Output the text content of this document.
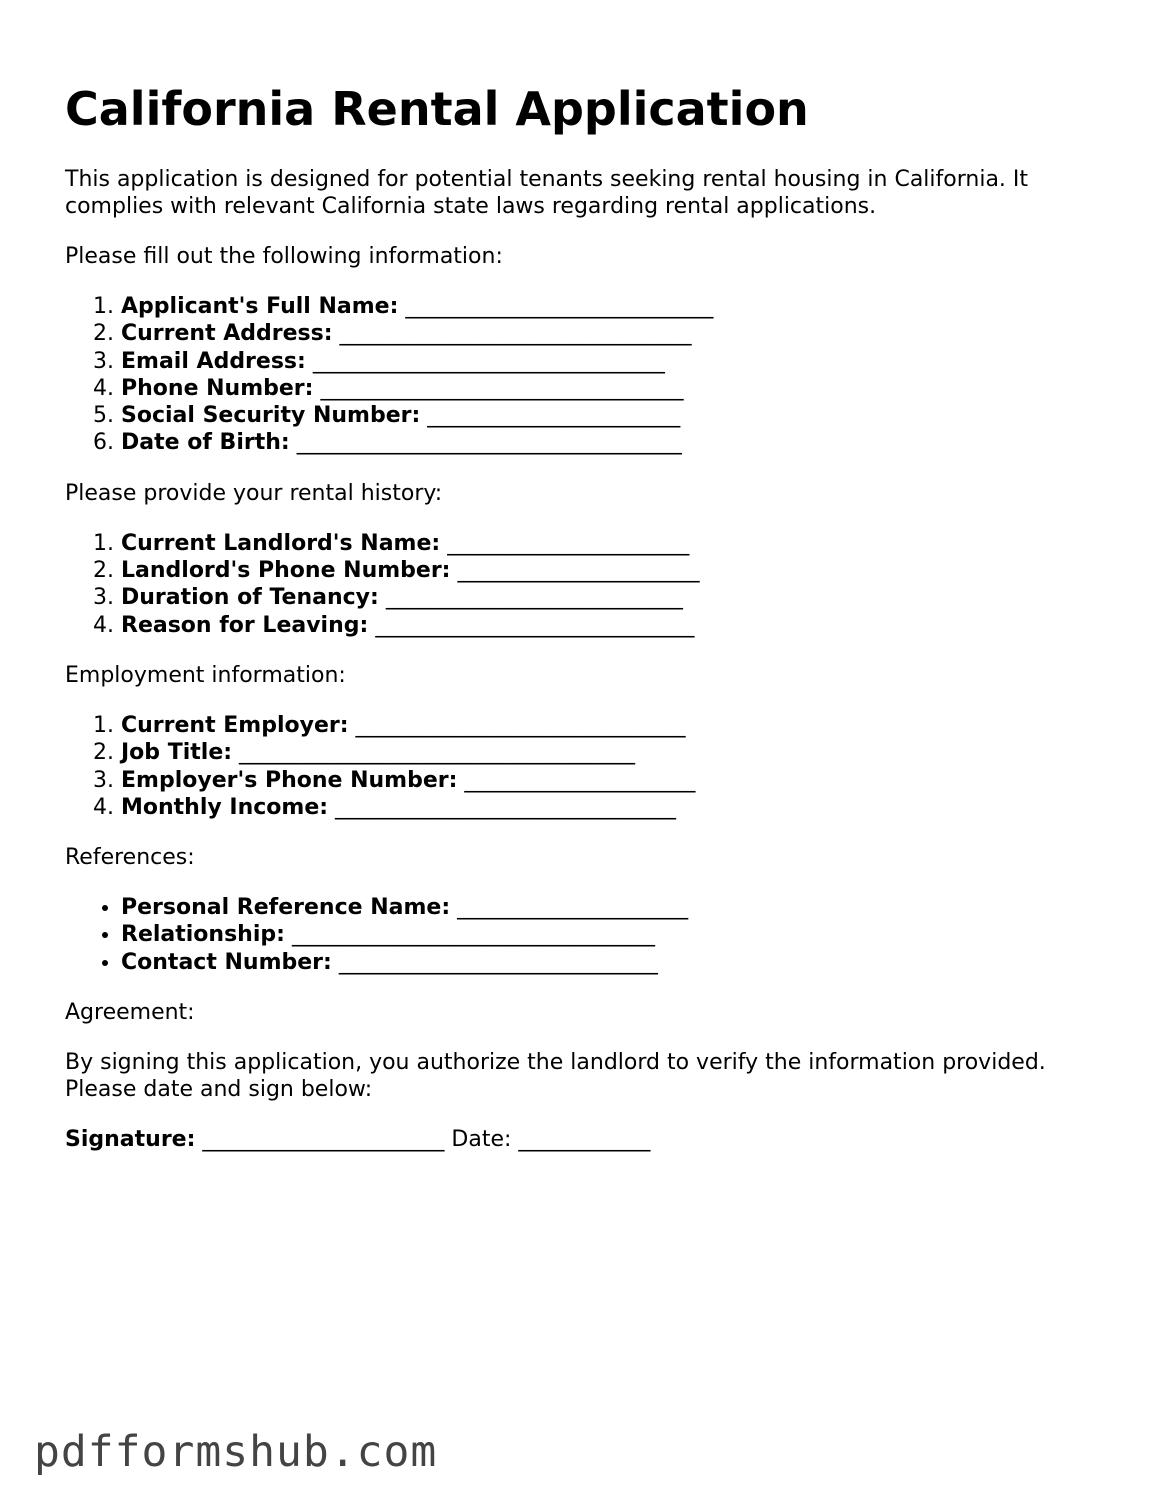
California Rental Application

This application is designed for potential tenants seeking rental housing in California. It complies with relevant California state laws regarding rental applications.

Please fill out the following information:

1. Applicant's Full Name: ____________________________
2. Current Address: ________________________________
3. Email Address: ________________________________
4. Phone Number: _________________________________
5. Social Security Number: _______________________
6. Date of Birth: ___________________________________

Please provide your rental history:

1. Current Landlord's Name: ______________________
2. Landlord's Phone Number: ______________________
3. Duration of Tenancy: ___________________________
4. Reason for Leaving: _____________________________

Employment information:

1. Current Employer: ______________________________
2. Job Title: ____________________________________
3. Employer's Phone Number: _____________________
4. Monthly Income: _______________________________

References:

• Personal Reference Name: _____________________
• Relationship: _________________________________
• Contact Number: _____________________________

Agreement:

By signing this application, you authorize the landlord to verify the information provided. Please date and sign below:

Signature: ______________________ Date: ____________

pdfformshub.com
